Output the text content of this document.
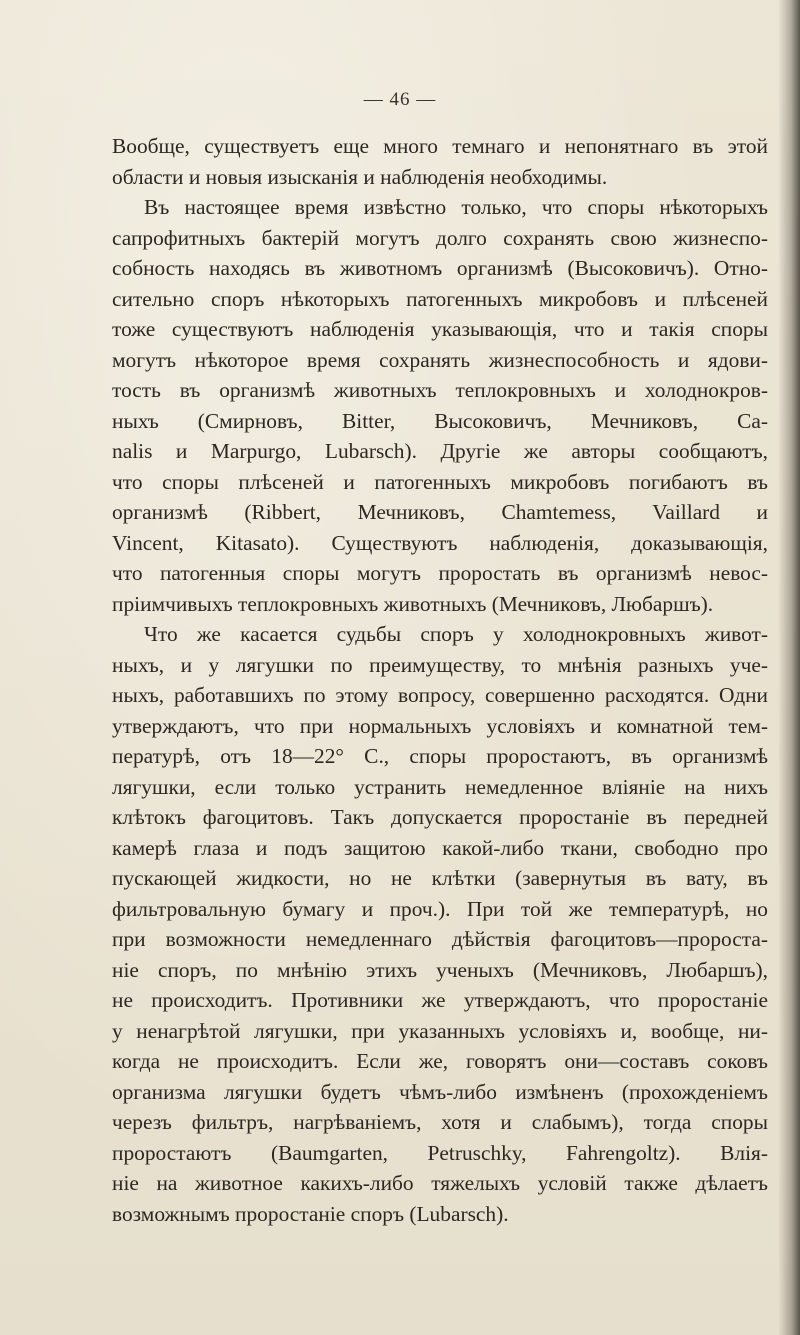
— 46 —
Вообще, существуетъ еще много темнаго и непонятнаго въ этой
области и новыя изысканія и наблюденія необходимы.
Въ настоящее время извѣстно только, что споры нѣкоторыхъ
сапрофитныхъ бактерій могутъ долго сохранять свою жизнеспо-
собность находясь въ животномъ организмѣ (Высоковичъ). Отно-
сительно споръ нѣкоторыхъ патогенныхъ микробовъ и плѣсеней
тоже существуютъ наблюденія указывающія, что и такія споры
могутъ нѣкоторое время сохранять жизнеспособность и ядови-
тость въ организмѣ животныхъ теплокровныхъ и холоднокров-
ныхъ (Смирновъ, Bitter, Высоковичъ, Мечниковъ, Са-
nalis и Marpurgo, Lubarsch). Другіе же авторы сообщаютъ,
что споры плѣсеней и патогенныхъ микробовъ погибаютъ въ
организмѣ (Ribbert, Мечниковъ, Chamtemess, Vaillard и
Vincent, Kitasato). Существуютъ наблюденія, доказывающія,
что патогенныя споры могутъ проростать въ организмѣ невос-
пріимчивыхъ теплокровныхъ животныхъ (Мечниковъ, Любаршъ).
Что же касается судьбы споръ у холоднокровныхъ живот-
ныхъ, и у лягушки по преимуществу, то мнѣнія разныхъ уче-
ныхъ, работавшихъ по этому вопросу, совершенно расходятся. Одни
утверждаютъ, что при нормальныхъ условіяхъ и комнатной тем-
пературѣ, отъ 18—22° С., споры проростаютъ, въ организмѣ
лягушки, если только устранить немедленное вліяніе на нихъ
клѣтокъ фагоцитовъ. Такъ допускается проростаніе въ передней
камерѣ глаза и подъ защитою какой-либо ткани, свободно про
пускающей жидкости, но не клѣтки (завернутыя въ вату, въ
фильтровальную бумагу и проч.). При той же температурѣ, но
при возможности немедленнаго дѣйствія фагоцитовъ—пророста-
ніе споръ, по мнѣнію этихъ ученыхъ (Мечниковъ, Любаршъ),
не происходитъ. Противники же утверждаютъ, что проростаніе
у ненагрѣтой лягушки, при указанныхъ условіяхъ и, вообще, ни-
когда не происходитъ. Если же, говорятъ они—составъ соковъ
организма лягушки будетъ чѣмъ-либо измѣненъ (прохожденіемъ
черезъ фильтръ, нагрѣваніемъ, хотя и слабымъ), тогда споры
проростаютъ (Baumgarten, Petruschky, Fahrengoltz). Влія-
ніе на животное какихъ-либо тяжелыхъ условій также дѣлаетъ
возможнымъ проростаніе споръ (Lubarsch).
